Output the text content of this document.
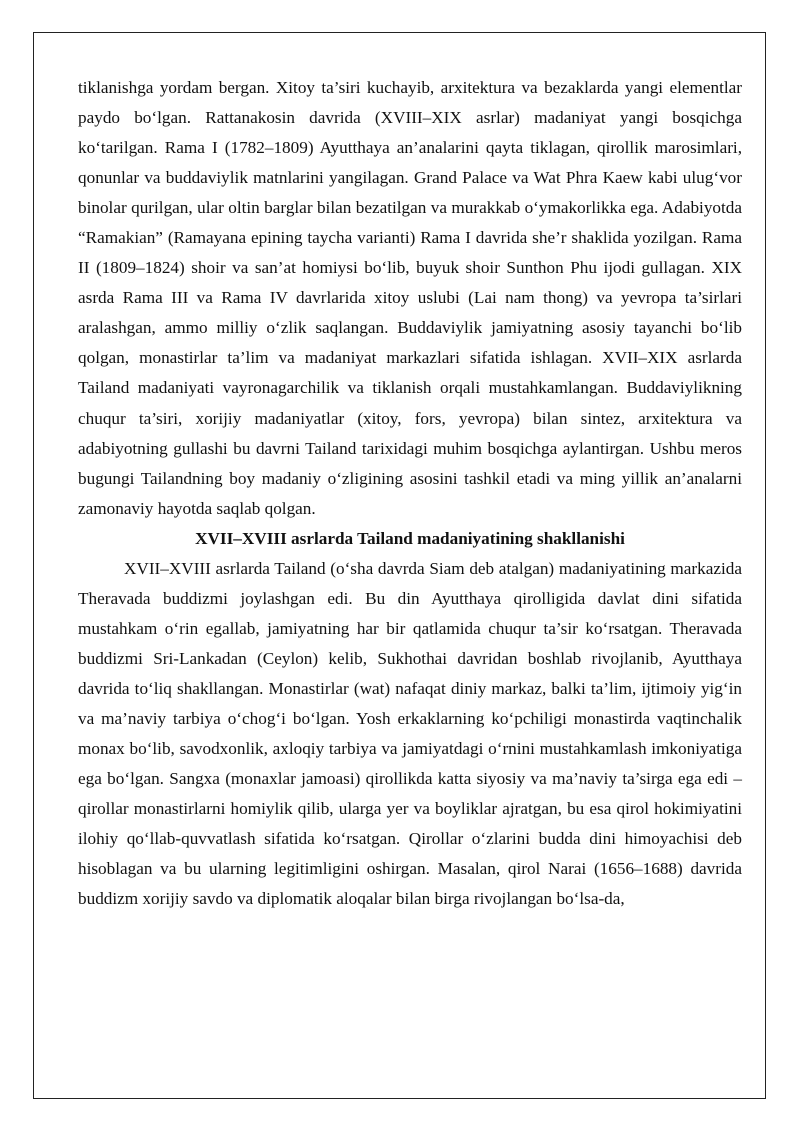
tiklanishga yordam bergan. Xitoy ta’siri kuchayib, arxitektura va bezaklarda yangi elementlar paydo bo‘lgan. Rattanakosin davrida (XVIII–XIX asrlar) madaniyat yangi bosqichga ko‘tarilgan. Rama I (1782–1809) Ayutthaya an’analarini qayta tiklagan, qirollik marosimlari, qonunlar va buddaviylik matnlarini yangilagan. Grand Palace va Wat Phra Kaew kabi ulug‘vor binolar qurilgan, ular oltin barglar bilan bezatilgan va murakkab o‘ymakorlikka ega. Adabiyotda “Ramakian” (Ramayana epining taycha varianti) Rama I davrida she’r shaklida yozilgan. Rama II (1809–1824) shoir va san’at homiysi bo‘lib, buyuk shoir Sunthon Phu ijodi gullagan. XIX asrda Rama III va Rama IV davrlarida xitoy uslubi (Lai nam thong) va yevropa ta’sirlari aralashgan, ammo milliy o‘zlik saqlangan. Buddaviylik jamiyatning asosiy tayanchi bo‘lib qolgan, monastirlar ta’lim va madaniyat markazlari sifatida ishlagan. XVII–XIX asrlarda Tailand madaniyati vayronagarchilik va tiklanish orqali mustahkamlangan. Buddaviylikning chuqur ta’siri, xorijiy madaniyatlar (xitoy, fors, yevropa) bilan sintez, arxitektura va adabiyotning gullashi bu davrni Tailand tarixidagi muhim bosqichga aylantirgan. Ushbu meros bugungi Tailandning boy madaniy o‘zligining asosini tashkil etadi va ming yillik an’analarni zamonaviy hayotda saqlab qolgan.

XVII–XVIII asrlarda Tailand madaniyatining shakllanishi

XVII–XVIII asrlarda Tailand (o‘sha davrda Siam deb atalgan) madaniyatining markazida Theravada buddizmi joylashgan edi. Bu din Ayutthaya qirolligida davlat dini sifatida mustahkam o‘rin egallab, jamiyatning har bir qatlamida chuqur ta’sir ko‘rsatgan. Theravada buddizmi Sri-Lankadan (Ceylon) kelib, Sukhothai davridan boshlab rivojlanib, Ayutthaya davrida to‘liq shakllangan. Monastirlar (wat) nafaqat diniy markaz, balki ta’lim, ijtimoiy yig‘in va ma’naviy tarbiya o‘chog‘i bo‘lgan. Yosh erkaklarning ko‘pchiligi monastirda vaqtinchalik monax bo‘lib, savodxonlik, axloqiy tarbiya va jamiyatdagi o‘rnini mustahkamlash imkoniyatiga ega bo‘lgan. Sangxa (monaxlar jamoasi) qirollikda katta siyosiy va ma’naviy ta’sirga ega edi – qirollar monastirlarni homiylik qilib, ularga yer va boyliklar ajratgan, bu esa qirol hokimiyatini ilohiy qo‘llab-quvvatlash sifatida ko‘rsatgan. Qirollar o‘zlarini budda dini himoyachisi deb hisoblagan va bu ularning legitimligini oshirgan. Masalan, qirol Narai (1656–1688) davrida buddizm xorijiy savdo va diplomatik aloqalar bilan birga rivojlangan bo‘lsa-da,
